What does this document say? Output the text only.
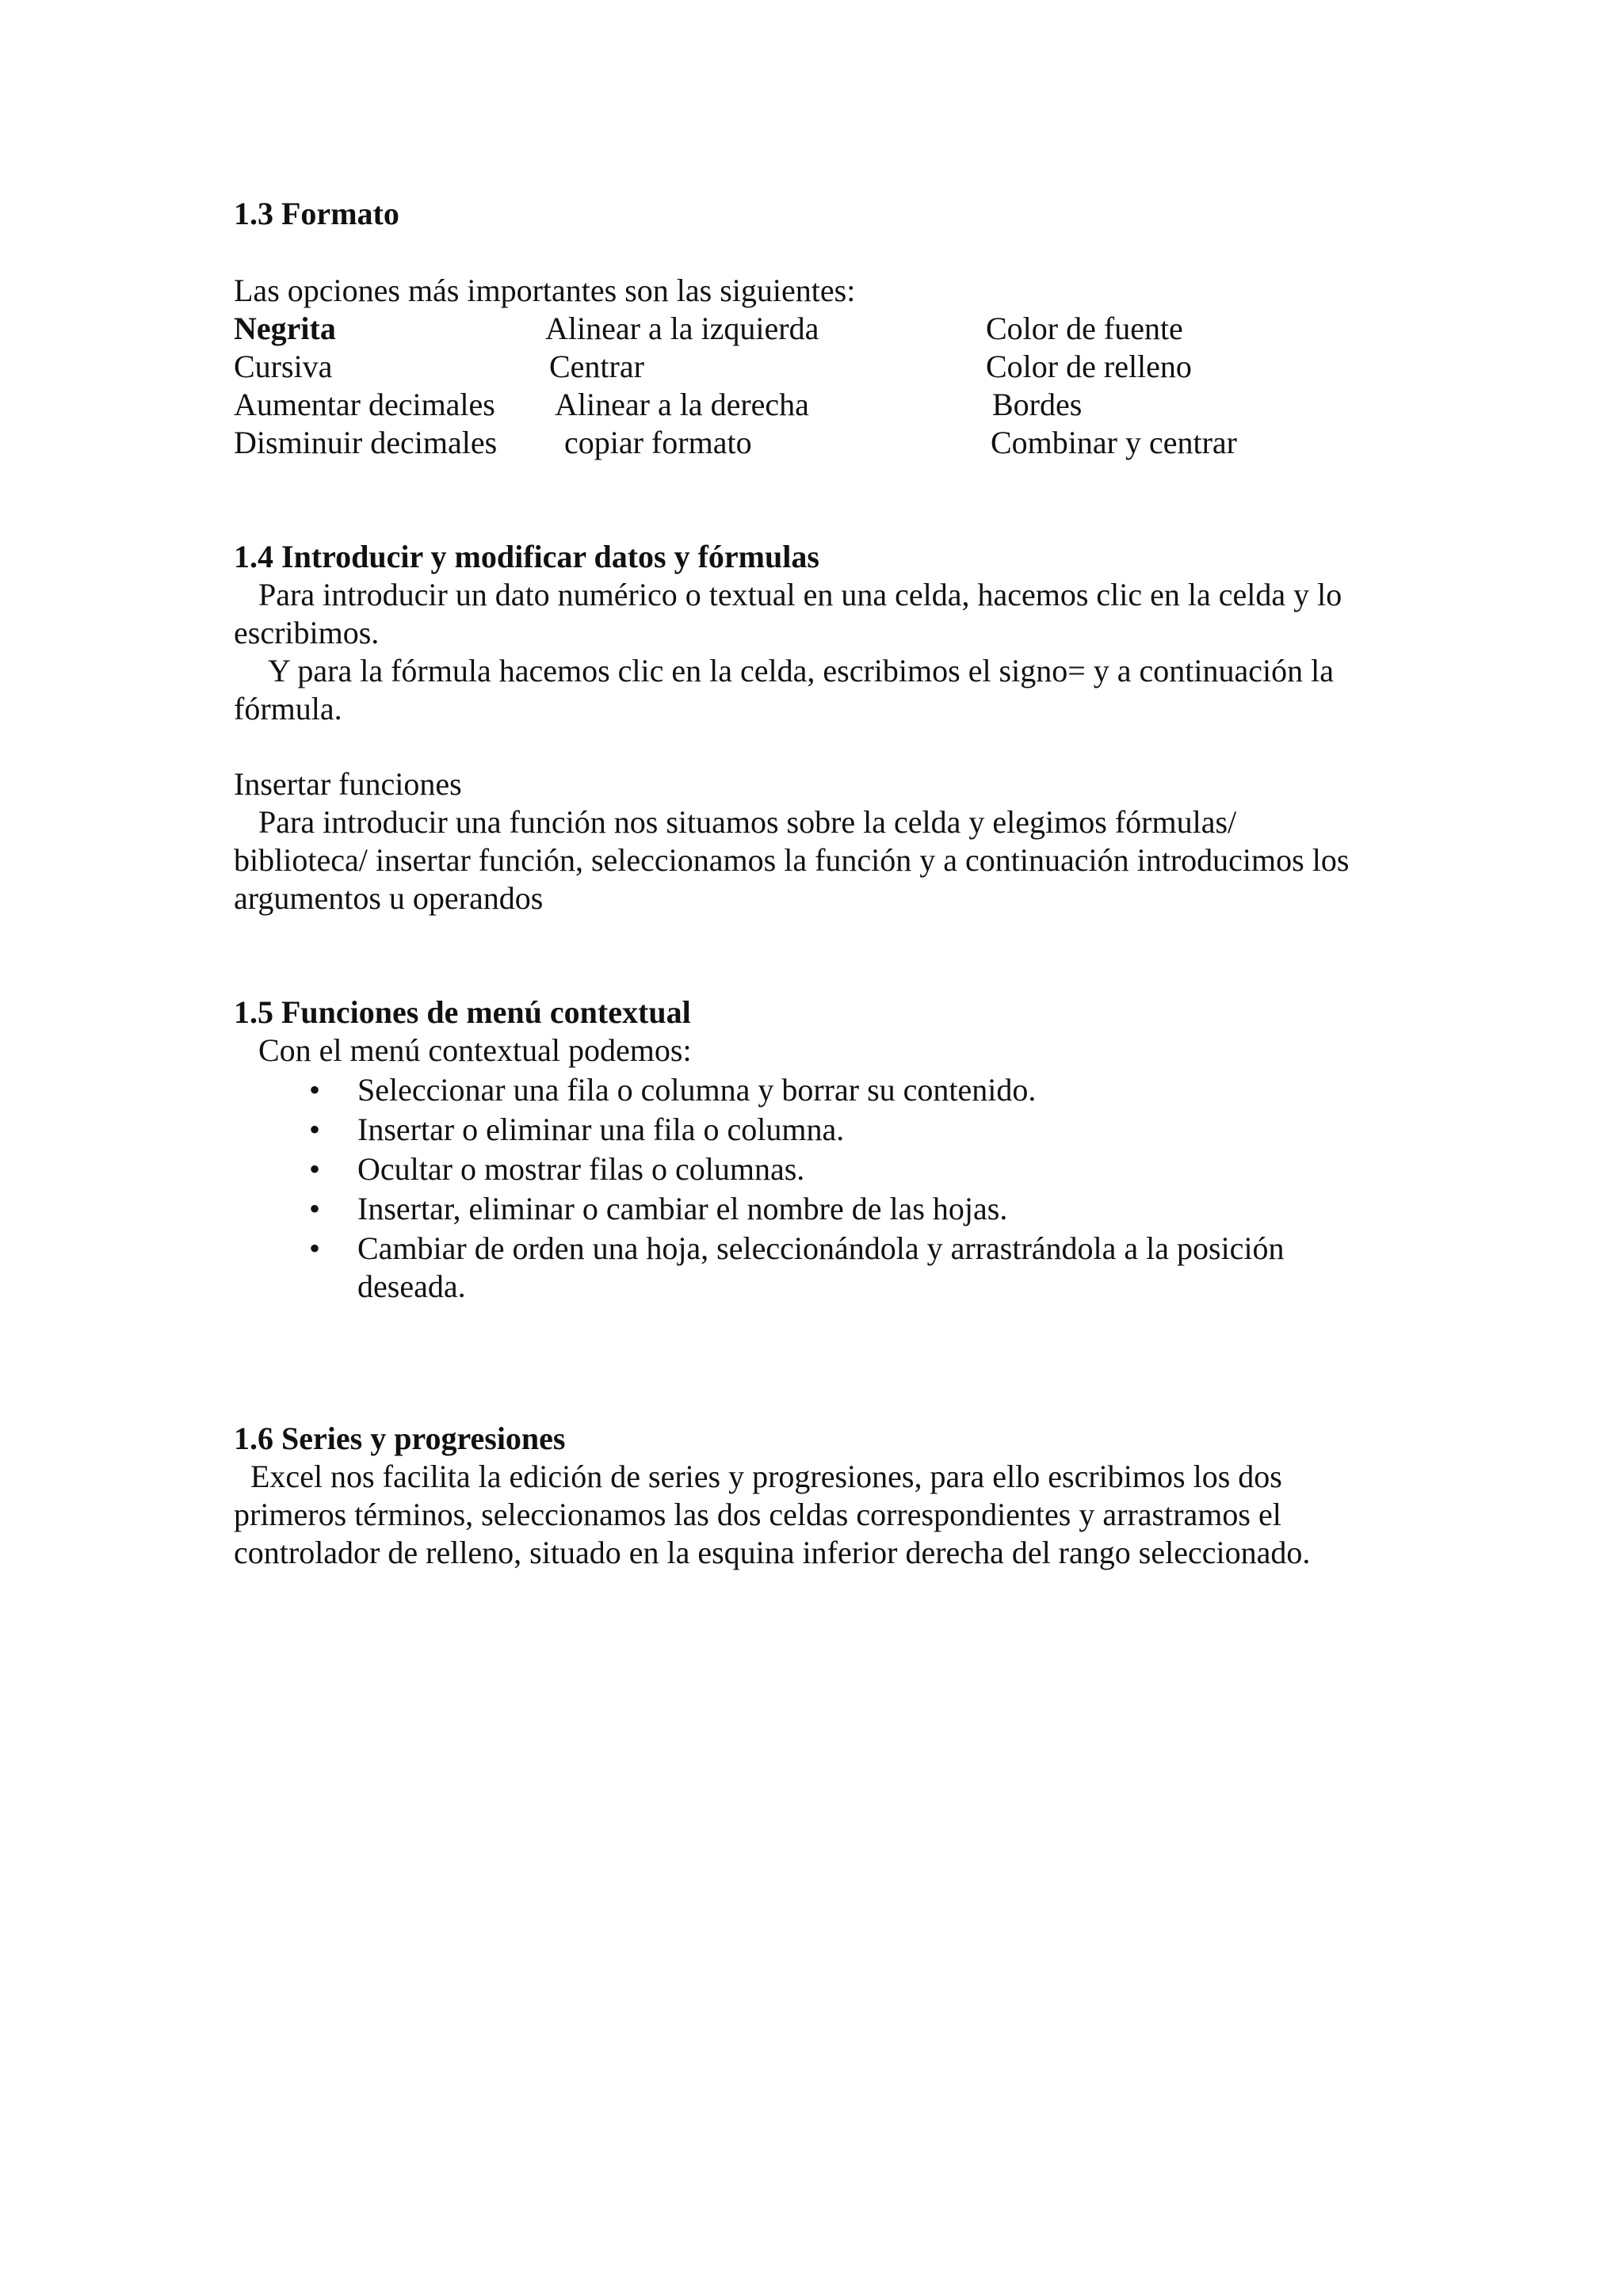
1.3 Formato
Las opciones más importantes son las siguientes:
Negrita
Cursiva
Aumentar decimales
Disminuir decimales
Alinear a la izquierda
Centrar
Alinear a la derecha
copiar formato
Color de fuente
Color de relleno
Bordes
Combinar y centrar
1.4 Introducir y modificar datos y fórmulas
Para introducir un dato numérico o textual en una celda, hacemos clic en la celda y lo
escribimos.
Y para la fórmula hacemos clic en la celda, escribimos el signo= y a continuación la
fórmula.
Insertar funciones
Para introducir una función nos situamos sobre la celda y elegimos fórmulas/
biblioteca/ insertar función, seleccionamos la función y a continuación introducimos los
argumentos u operandos
1.5 Funciones de menú contextual
Con el menú contextual podemos:
• Seleccionar una fila o columna y borrar su contenido.
• Insertar o eliminar una fila o columna.
• Ocultar o mostrar filas o columnas.
• Insertar, eliminar o cambiar el nombre de las hojas.
• Cambiar de orden una hoja, seleccionándola y arrastrándola a la posición
deseada.
1.6 Series y progresiones
Excel nos facilita la edición de series y progresiones, para ello escribimos los dos
primeros términos, seleccionamos las dos celdas correspondientes y arrastramos el
controlador de relleno, situado en la esquina inferior derecha del rango seleccionado.
